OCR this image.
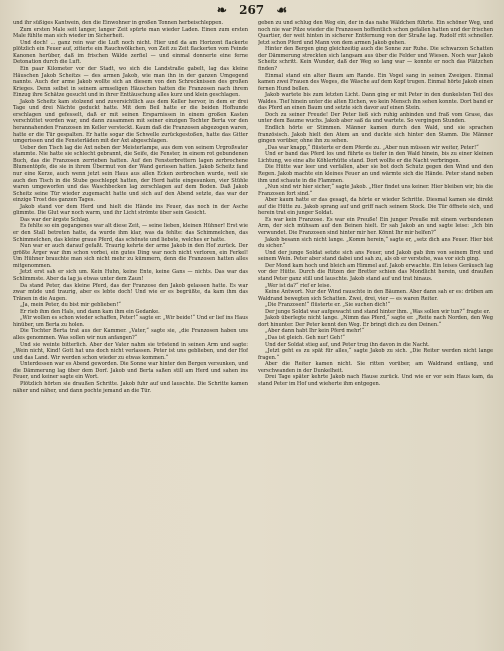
❧ 267 ☙

und ihr süßiges Kantwein, den die Einwohner in großen Tonnen herbeischleppen.

Zum ersten Male seit langer, langer Zeit spürte man wieder Laden. Einen zum ersten Male fühlte man sich wieder im Sicherheit.

Und doch! ... ganz rein war die Luft noch nicht. Hier und da am Horizont flackerte plötzlich ein Feuer auf, zitterte ein Rauchwölkchen, von Zeit zu Zeit flackerten vom Feinde Kanonen herüber, daß im frischen Wälde zerfiel — und einmal donnerte eine ferne Detonation durch die Luft.

Ein paar Kilometer vor der Stadt, wo sich die Landstraße gabelt, lag das kleine Häuschen Jakob Scheitzs — des armen Jakob, wie man ihn in der ganzen Umgegend nannte. Auch der arme Jakob wollte sich an diesem von den Schrecknissen des großen Krieges. Denn selbst in seinem armseligen Häuschen hatten die Franzosen nach ihrem Einzug ihre Schätze gesucht und in ihrer Enttäuschung alles kurz und klein geschlagen.

Jakob Scheitz kam stolzend und zuversichtlich aus dem Keller hervor, in dem er drei Tage und drei Nächte geduckt hatte. Mit dem Beil hatte er die beiden Hofhunde erschlagen und gefesselt, daß er mit seinen Ersparnissen in einem großen Kasten verschüttet worden war, und dann zusammen mit seiner einzigen Tochter Berta vor den herannahenden Franzosen im Keller versteckt. Kaum daß die Franzosen abgezogen waren, hatte er die Tür gespalten. Er hatte sogar die Schwelle zurückgestoßen, hatte das Gitter umgerissen und die Fensterläden mit der Axt abgeschlagen.

Ueber den Tisch lag die Axt neben der Meisterlampe, aus dem von seinem Urgroßvater stammte. Nie hatte sie schlecht gebrannt, die Seife, die Fenster, in einem rot gebundenen Buch, das die Franzosen zerrieben hatten. Auf den Fensterbrettern lagen zerbrochene Blumentöpfe, die sie in ihrem Übermut von der Wand gerissen hatten. Jakob Scheitz fand nur eine Kerze, auch wenn jetzt sein Haus aus allen Ecken zerbrochen wurde, weil sie auch den Tisch in die Stube geschleppt hatten, der Herd hatte eingesunken, vier Stühle waren umgeworfen und das Waschbecken lag zerschlagen auf dem Boden. Daß Jakob Scheitz seine Tür wieder zugemacht hatte und sich auf den Abend setzte, das war der einzige Trost des ganzen Tages.

Jakob stand vor dem Herd und hielt die Hände ins Feuer, das noch in der Asche glimmte. Die Glut war noch warm, und ihr Licht strömte über sein Gesicht.

Das war der ärgste Schlag.

Es fehlte so ein gegangenes war alt diese Zeit, — seine lieben, kleinen Hühner! Erst wie er den Stall betreten hatte, da wurde ihm klar, was da fehlte: das Schimmelchen, das Schimmelchen, das kleine graue Pferd, das schönste und liebste, welches er hatte.

Nun war er auch darauf gefaßt. Traurig kehrte der arme Jakob in den Hof zurück. Der größte Ärger war ihm schon vorbei, ein gutes Ding war noch nicht verloren, ein Ferkel! Um Hühner brauchte man sich nicht mehr zu kümmern, denn die Franzosen hatten alles mitgenommen.

Jetzt erst sah er sich um. Kein Huhn, keine Ente, keine Gans — nichts. Das war das Schlimmste. Aber da lag ja etwas unter dem Zaun!

Da stand Peter, das kleine Pferd, das der Franzose den Jakob gelassen hatte. Es war zwar müde und traurig, aber es lebte doch! Und wie er es begrüßte, da kam ihm das Tränen in die Augen.

„Ja, mein Peter, du bist mir geblieben!“

Er rieb ihm den Hals, und dann kam ihm ein Gedanke.

„Wir wollen es schon wieder schaffen, Peter!“ sagte er. „Wir beide!“ Und er lief ins Haus hinüber, um Berta zu holen.

Die Tochter Berta trat aus der Kammer. „Vater,“ sagte sie, „die Franzosen haben uns alles genommen. Was sollen wir nun anfangen?“

Und sie weinte bitterlich. Aber der Vater nahm sie tröstend in seinen Arm und sagte: „Wein nicht, Kind! Gott hat uns doch nicht verlassen. Peter ist uns geblieben, und der Hof und das Land. Wir werden schon wieder zu etwas kommen.“

Unterdessen war es Abend geworden. Die Sonne war hinter den Bergen versunken, und die Dämmerung lag über dem Dorf. Jakob und Berta saßen still am Herd und sahen ins Feuer, und keiner sagte ein Wort.

Plötzlich hörten sie draußen Schritte. Jakob fuhr auf und lauschte. Die Schritte kamen näher und näher, und dann pochte jemand an die Tür.

geben zu und schlug den Weg ein, der in das nahe Wäldchen führte. Ein schöner Weg, und noch nie war Pilze wieder die Franzosen hoffentlich schon gefallen hatten und der frischen Quartier, der weit hinten in sicherer Entfernung von der Straße lag. Rudolf ritt schneller. Jetzt schon Pferd und Mann von dem armen Jakob gehen.

Hinter den Bergen ging gleichzeitig auch die Sonne zur Ruhe. Die schwarzen Schatten der Dämmerung streckten sich langsam aus über die Felder und Wiesen. Noch war Jakob Scheitz schritt. Kein Wunder, daß der Weg so lang war — konnte er noch das Plätzchen finden?

Einmal stand ein alter Baum am Rande. Ein Vogel sang in seinen Zweigen. Einmal kamen zwei Frauen des Weges, die Wäsche auf dem Kopf trugen. Einmal hörte Jakob einen fernen Hund bellen.

Jakob wartete bis zum letzten Licht. Dann ging er mit Peter in den dunkelsten Teil des Waldes. Tief hinein unter die alten Eichen, wo kein Mensch ihn sehen konnte. Dort band er das Pferd an einen Baum und setzte sich davor auf einen Stein.

Doch zu seiner Freude! Der Peter ließ sich ruhig anbinden und fraß vom Grase, das unter dem Baume wuchs. Jakob aber saß da und wartete. So vergingen Stunden.

Endlich hörte er Stimmen. Männer kamen durch den Wald, und sie sprachen französisch. Jakob hielt den Atem an und duckte sich hinter den Stamm. Die Männer gingen vorüber, ohne ihn zu sehen.

„Das war knapp,“ flüsterte er dem Pferde zu. „Aber nun müssen wir weiter, Peter!“

Und er band das Pferd los und führte es tiefer in den Wald hinein, bis zu einer kleinen Lichtung, wo eine alte Köhlerhütte stand. Dort wollte er die Nacht verbringen.

Die Hütte war leer und verfallen, aber sie bot doch Schutz gegen den Wind und den Regen. Jakob machte ein kleines Feuer an und wärmte sich die Hände. Peter stand neben ihm und schaute in die Flammen.

„Nun sind wir hier sicher,“ sagte Jakob. „Hier findet uns keiner. Hier bleiben wir, bis die Franzosen fort sind.“

Aber kaum hatte er das gesagt, da hörte er wieder Schritte. Diesmal kamen sie direkt auf die Hütte zu. Jakob sprang auf und griff nach seinem Stock. Die Tür öffnete sich, und herein trat ein junger Soldat.

Es war kein Franzose. Es war ein Preuße! Ein junger Preuße mit einem verbundenen Arm, der sich mühsam auf den Beinen hielt. Er sah Jakob an und sagte leise: „Ich bin verwundet. Die Franzosen sind hinter mir her. Könnt Ihr mir helfen?“

Jakob besann sich nicht lange. „Komm herein,“ sagte er, „setz dich ans Feuer. Hier bist du sicher.“

Und der junge Soldat setzte sich ans Feuer, und Jakob gab ihm von seinem Brot und seinem Wein. Peter aber stand dabei und sah zu, als ob er verstehe, was vor sich ging.

Der Mond kam hoch und bleich am Himmel auf. Jakob erwachte. Ein leises Geräusch lag vor der Hütte. Durch die Ritzen der Bretter schien das Mondlicht herein, und draußen stand Peter ganz still und lauschte. Jakob stand auf und trat hinaus.

„Wer ist da?“ rief er leise.

Keine Antwort. Nur der Wind rauschte in den Bäumen. Aber dann sah er es: drüben am Waldrand bewegten sich Schatten. Zwei, drei, vier — es waren Reiter.

„Die Franzosen!“ flüsterte er. „Sie suchen dich!“

Der junge Soldat war aufgewacht und stand hinter ihm. „Was sollen wir tun?“ fragte er.

Jakob überlegte nicht lange. „Nimm das Pferd,“ sagte er. „Reite nach Norden, den Weg dort hinunter. Der Peter kennt den Weg. Er bringt dich zu den Deinen.“

„Aber dann habt Ihr kein Pferd mehr!“

„Das ist gleich. Geh nur! Geh!“

Und der Soldat stieg auf, und Peter trug ihn davon in die Nacht.

„Jetzt geht es zu spät für alles,“ sagte Jakob zu sich. „Die Reiter werden nicht lange fragen.“

Aber die Reiter kamen nicht. Sie ritten vorüber, am Waldrand entlang, und verschwanden in der Dunkelheit.

Drei Tage später kehrte Jakob nach Hause zurück. Und wie er vor sein Haus kam, da stand Peter im Hof und wieherte ihm entgegen.
